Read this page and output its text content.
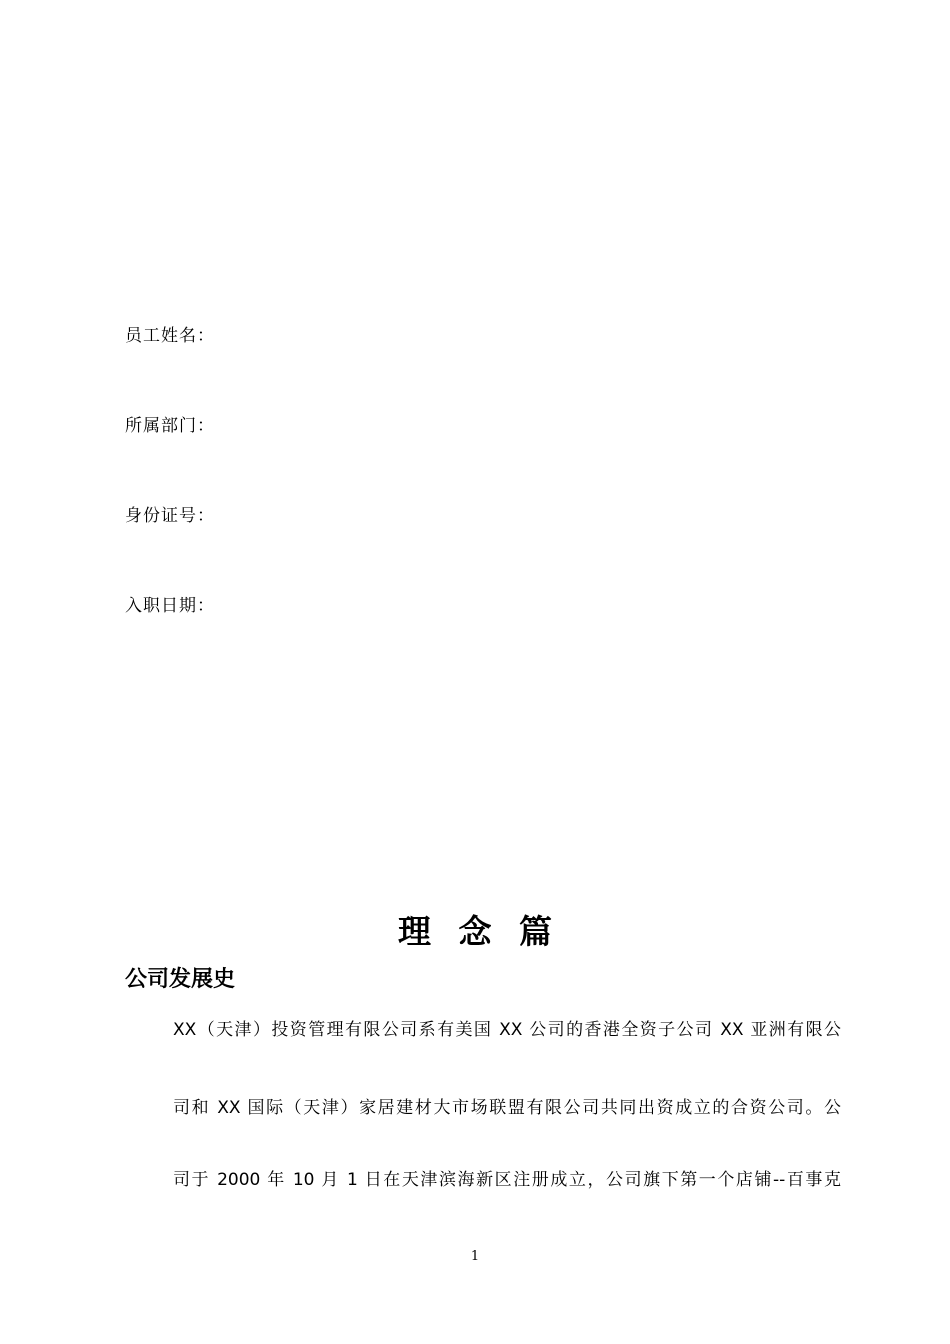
员工姓名：
所属部门：
身份证号：
入职日期：
理 念 篇
公司发展史
XX（天津）投资管理有限公司系有美国 XX 公司的香港全资子公司 XX 亚洲有限公
司和 XX 国际（天津）家居建材大市场联盟有限公司共同出资成立的合资公司。公
司于 2000 年 10 月 1 日在天津滨海新区注册成立，公司旗下第一个店铺--百事克
1
